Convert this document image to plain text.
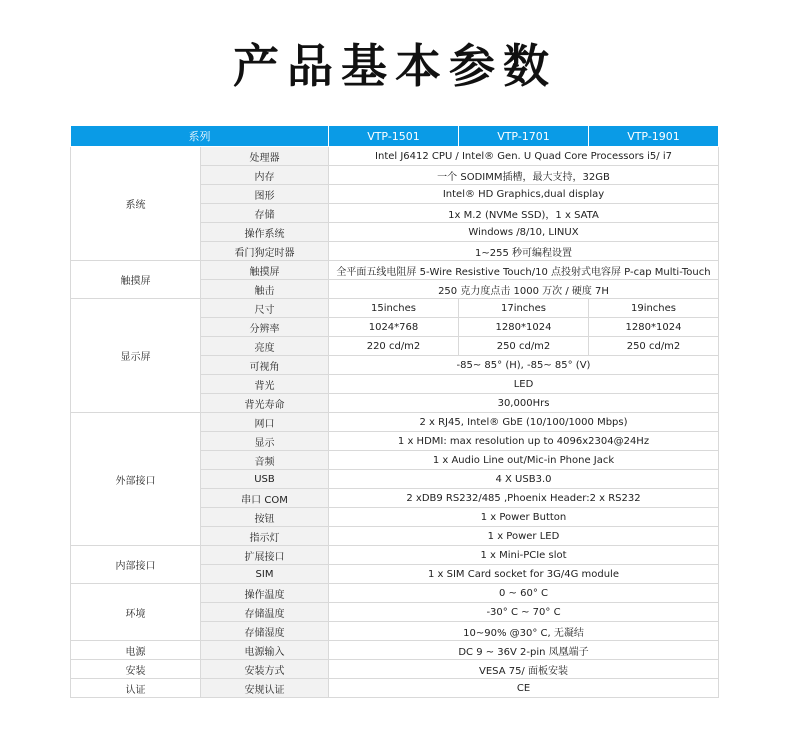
产品基本参数
系列		VTP-1501	VTP-1701	VTP-1901
系统	处理器	Intel J6412 CPU / Intel® Gen. U Quad Core Processors i5/ i7		
	内存	一个 SODIMM插槽，最大支持，32GB		
	图形	Intel® HD Graphics,dual display		
	存储	1x M.2 (NVMe SSD)，1 x SATA		
	操作系统	Windows /8/10, LINUX		
	看门狗定时器	1~255 秒可编程设置		
触摸屏	触摸屏	全平面五线电阻屏 5-Wire Resistive Touch/10 点投射式电容屏 P-cap Multi-Touch		
	触击	250 克力度点击 1000 万次 / 硬度 7H		
显示屏	尺寸	15inches	17inches	19inches
	分辨率	1024*768	1280*1024	1280*1024
	亮度	220 cd/m2	250 cd/m2	250 cd/m2
	可视角	-85~ 85° (H), -85~ 85° (V)		
	背光	LED		
	背光寿命	30,000Hrs		
外部接口	网口	2 x RJ45, Intel® GbE (10/100/1000 Mbps)		
	显示	1 x HDMI: max resolution up to 4096x2304@24Hz		
	音频	1 x Audio Line out/Mic-in Phone Jack		
	USB	4 X USB3.0		
	串口 COM	2 xDB9 RS232/485 ,Phoenix Header:2 x RS232		
	按钮	1 x Power Button		
	指示灯	1 x Power LED		
内部接口	扩展接口	1 x Mini-PCIe slot		
	SIM	1 x SIM Card socket for 3G/4G module		
环境	操作温度	0 ~ 60° C		
	存储温度	-30° C ~ 70° C		
	存储湿度	10~90% @30° C, 无凝结		
电源	电源输入	DC 9 ~ 36V 2-pin 凤凰端子		
安装	安装方式	VESA 75/ 面板安装		
认证	安规认证	CE		
